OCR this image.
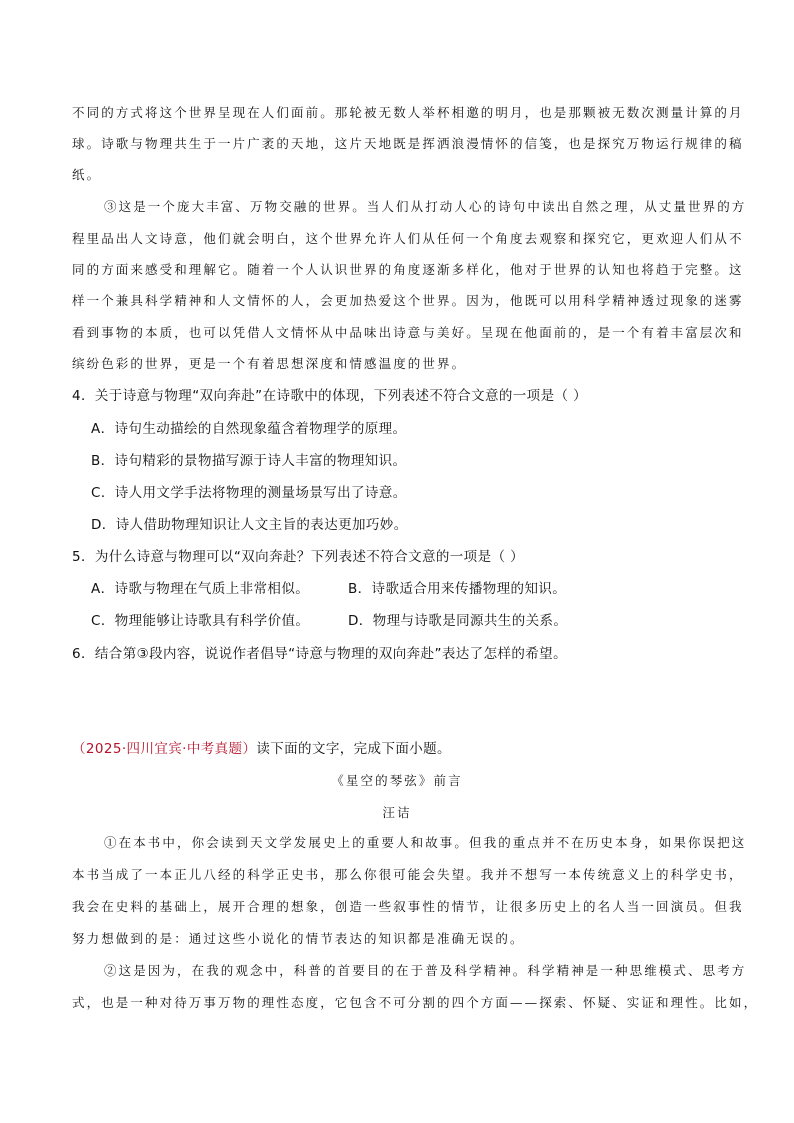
不同的方式将这个世界呈现在人们面前。那轮被无数人举杯相邀的明月，也是那颗被无数次测量计算的月
球。诗歌与物理共生于一片广袤的天地，这片天地既是挥洒浪漫情怀的信笺，也是探究万物运行规律的稿
纸。
③这是一个庞大丰富、万物交融的世界。当人们从打动人心的诗句中读出自然之理，从丈量世界的方
程里品出人文诗意，他们就会明白，这个世界允许人们从任何一个角度去观察和探究它，更欢迎人们从不
同的方面来感受和理解它。随着一个人认识世界的角度逐渐多样化，他对于世界的认知也将趋于完整。这
样一个兼具科学精神和人文情怀的人，会更加热爱这个世界。因为，他既可以用科学精神透过现象的迷雾
看到事物的本质，也可以凭借人文情怀从中品味出诗意与美好。呈现在他面前的，是一个有着丰富层次和
缤纷色彩的世界，更是一个有着思想深度和情感温度的世界。
4．关于诗意与物理“双向奔赴”在诗歌中的体现，下列表述不符合文意的一项是（ ）
A．诗句生动描绘的自然现象蕴含着物理学的原理。
B．诗句精彩的景物描写源于诗人丰富的物理知识。
C．诗人用文学手法将物理的测量场景写出了诗意。
D．诗人借助物理知识让人文主旨的表达更加巧妙。
5．为什么诗意与物理可以“双向奔赴？下列表述不符合文意的一项是（ ）
A．诗歌与物理在气质上非常相似。	B．诗歌适合用来传播物理的知识。
C．物理能够让诗歌具有科学价值。	D．物理与诗歌是同源共生的关系。
6．结合第③段内容，说说作者倡导“诗意与物理的双向奔赴”表达了怎样的希望。
（2025·四川宜宾·中考真题）读下面的文字，完成下面小题。
《星空的琴弦》前言
汪诘
①在本书中，你会读到天文学发展史上的重要人和故事。但我的重点并不在历史本身，如果你误把这
本书当成了一本正儿八经的科学正史书，那么你很可能会失望。我并不想写一本传统意义上的科学史书，
我会在史料的基础上，展开合理的想象，创造一些叙事性的情节，让很多历史上的名人当一回演员。但我
努力想做到的是：通过这些小说化的情节表达的知识都是准确无误的。
②这是因为，在我的观念中，科普的首要目的在于普及科学精神。科学精神是一种思维模式、思考方
式，也是一种对待万事万物的理性态度，它包含不可分割的四个方面——探索、怀疑、实证和理性。比如，
